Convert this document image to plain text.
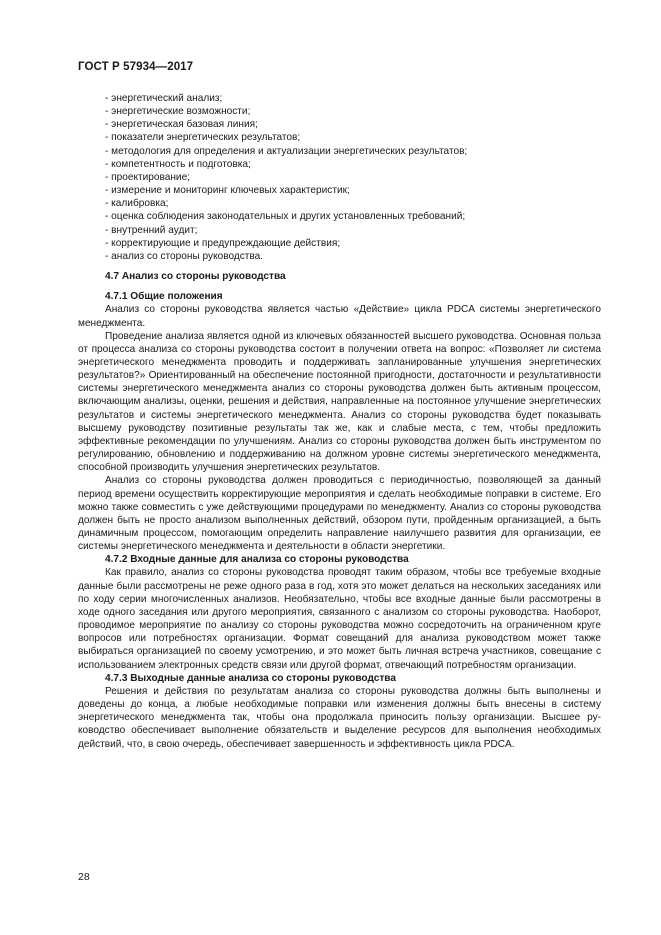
ГОСТ Р 57934—2017
- энергетический анализ;
- энергетические возможности;
- энергетическая базовая линия;
- показатели энергетических результатов;
- методология для определения и актуализации энергетических результатов;
- компетентность и подготовка;
- проектирование;
- измерение и мониторинг ключевых характеристик;
- калибровка;
- оценка соблюдения законодательных и других установленных требований;
- внутренний аудит;
- корректирующие и предупреждающие действия;
- анализ со стороны руководства.
4.7 Анализ со стороны руководства
4.7.1 Общие положения

Анализ со стороны руководства является частью «Действие» цикла PDCA системы энергетического менеджмента.

Проведение анализа является одной из ключевых обязанностей высшего руководства. Основная польза от процесса анализа со стороны руководства состоит в получении ответа на вопрос: «Позволяет ли система энергетического менеджмента проводить и поддерживать запланированные улучшения энергетических результатов?» Ориентированный на обеспечение постоянной пригодности, достаточности и результативности системы энергетического менеджмента анализ со стороны руководства должен быть активным процессом, включающим анализы, оценки, решения и действия, направленные на постоянное улучшение энергетических результатов и системы энергетического менеджмента. Анализ со стороны руководства будет показывать высшему руководству позитивные результаты так же, как и слабые места, с тем, чтобы предложить эффективные рекомендации по улучшениям. Анализ со стороны руководства должен быть инструментом по регулированию, обновлению и поддерживанию на должном уровне системы энергетического менеджмента, способной производить улучшения энергетических результатов.

Анализ со стороны руководства должен проводиться с периодичностью, позволяющей за данный период времени осуществить корректирующие мероприятия и сделать необходимые поправки в системе. Его можно также совместить с уже действующими процедурами по менеджменту. Анализ со стороны руководства должен быть не просто анализом выполненных действий, обзором пути, пройденным организацией, а быть динамичным процессом, помогающим определить направление наилучшего развития для организации, ее системы энергетического менеджмента и деятельности в области энергетики.

4.7.2 Входные данные для анализа со стороны руководства

Как правило, анализ со стороны руководства проводят таким образом, чтобы все требуемые входные данные были рассмотрены не реже одного раза в год, хотя это может делаться на нескольких заседаниях или по ходу серии многочисленных анализов. Необязательно, чтобы все входные данные были рассмотрены в ходе одного заседания или другого мероприятия, связанного с анализом со стороны руководства. Наоборот, проводимое мероприятие по анализу со стороны руководства можно сосредоточить на ограниченном круге вопросов или потребностях организации. Формат совещаний для анализа руководством может также выбираться организацией по своему усмотрению, и это может быть личная встреча участников, совещание с использованием электронных средств связи или другой формат, отвечающий потребностям организации.

4.7.3 Выходные данные анализа со стороны руководства

Решения и действия по результатам анализа со стороны руководства должны быть выполнены и доведены до конца, а любые необходимые поправки или изменения должны быть внесены в систему энергетического менеджмента так, чтобы она продолжала приносить пользу организации. Высшее руководство обеспечивает выполнение обязательств и выделение ресурсов для выполнения необходимых действий, что, в свою очередь, обеспечивает завершенность и эффективность цикла PDCA.

28
